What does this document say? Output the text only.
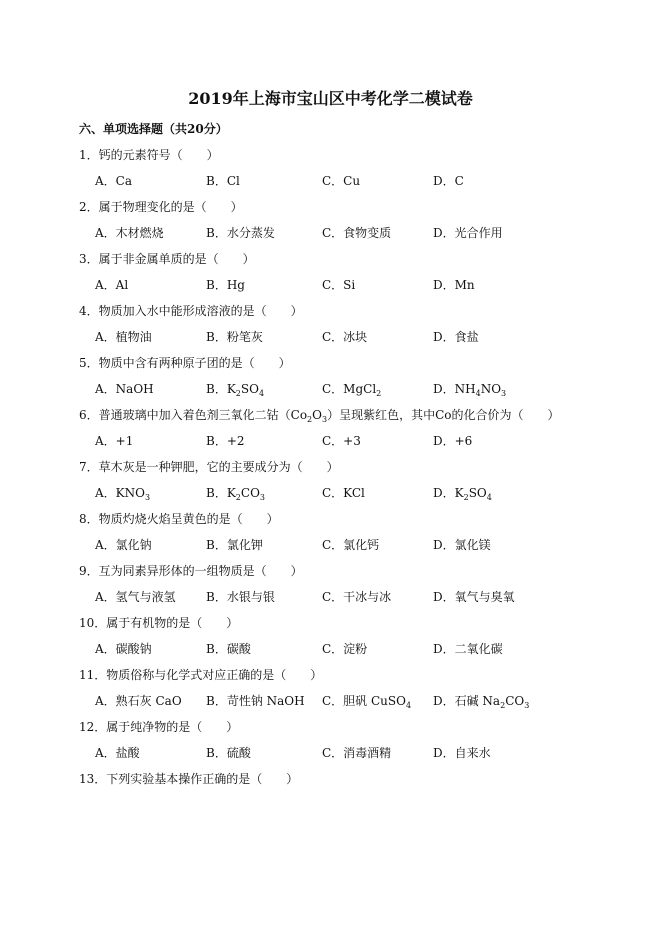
2019年上海市宝山区中考化学二模试卷
六、单项选择题（共20分）
1．钙的元素符号（　　）
A．Ca	B．Cl	C．Cu	D．C
2．属于物理变化的是（　　）
A．木材燃烧	B．水分蒸发	C．食物变质	D．光合作用
3．属于非金属单质的是（　　）
A．Al	B．Hg	C．Si	D．Mn
4．物质加入水中能形成溶液的是（　　）
A．植物油	B．粉笔灰	C．冰块	D．食盐
5．物质中含有两种原子团的是（　　）
A．NaOH	B．$K_2SO_4$	C．MgCl$_2$	D．$NH_4NO_3$
6．普通玻璃中加入着色剂三氧化二钴$(Co_2O_3)$呈现紫红色，其中Co的化合价为（　　）
A．+1	B．+2	C．+3	D．+6
7．草木灰是一种钾肥，它的主要成分为（　　）
A．$KNO_3$	B．$K_2CO_3$	C．KCl	D．$K_2SO_4$
8．物质灼烧火焰呈黄色的是（　　）
A．氯化钠	B．氯化钾	C．氯化钙	D．氯化镁
9．互为同素异形体的一组物质是（　　）
A．氢气与液氢	B．水银与银	C．干冰与冰	D．氧气与臭氧
10．属于有机物的是（　　）
A．碳酸钠	B．碳酸	C．淀粉	D．二氧化碳
11．物质俗称与化学式对应正确的是（　　）
A．熟石灰 CaO B．苛性钠 NaOH C．胆矾 CuSO$_4$ D．石碱 $Na_2CO_3$
12．属于纯净物的是（　　）
A．盐酸	B．硫酸	C．消毒酒精	D．自来水
13．下列实验基本操作正确的是（　　）
